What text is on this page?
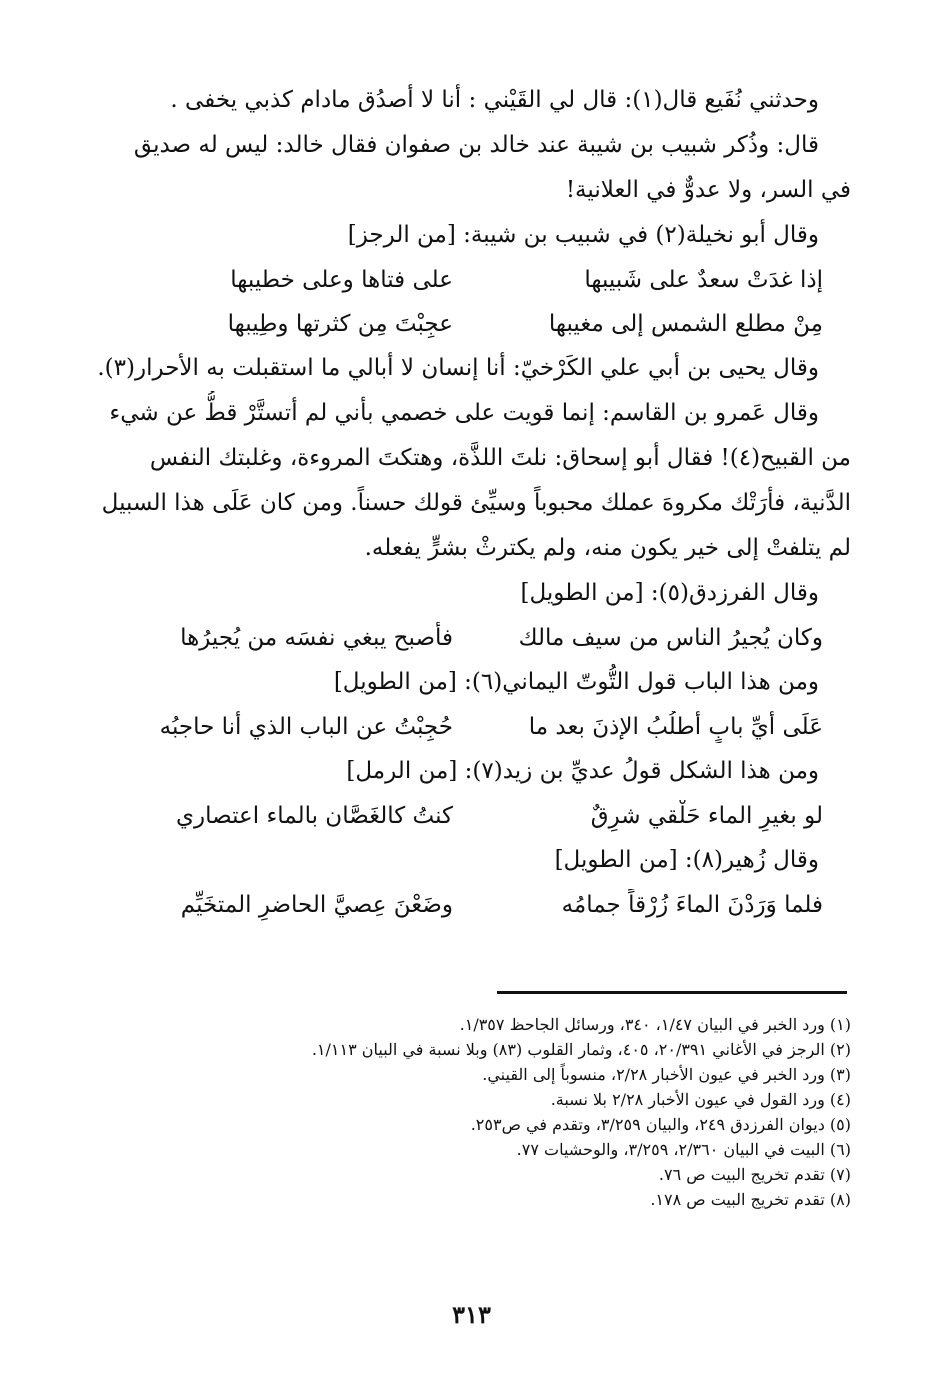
وحدثني نُفَيع قال(١): قال لي القَيْني : أنا لا أصدُق مادام كذبي يخفى .
قال: وذُكر شبيب بن شيبة عند خالد بن صفوان فقال خالد: ليس له صديق
في السر، ولا عدوٌّ في العلانية!
وقال أبو نخيلة(٢) في شبيب بن شيبة: [من الرجز]
إذا غدَتْ سعدٌ على شَبيبها
على فتاها وعلى خطيبها
مِنْ مطلع الشمس إلى مغيبها
عجِبْتَ مِن كثرتها وطِيبها
وقال يحيى بن أبي علي الكَرْخيّ: أنا إنسان لا أبالي ما استقبلت به الأحرار(٣).
وقال عَمرو بن القاسم: إنما قويت على خصمي بأني لم أتستَّرْ قطُّ عن شيء
من القبيح(٤)! فقال أبو إسحاق: نلتَ اللذَّة، وهتكتَ المروءة، وغلبتك النفس
الدَّنية، فأرَتْك مكروهَ عملك محبوباً وسيِّئ قولك حسناً. ومن كان عَلَى هذا السبيل
لم يتلفتْ إلى خير يكون منه، ولم يكترثْ بشرٍّ يفعله.
وقال الفرزدق(٥): [من الطويل]
وكان يُجيرُ الناس من سيف مالك
فأصبح يبغي نفسَه من يُجيرُها
ومن هذا الباب قول التُّوتّ اليماني(٦): [من الطويل]
عَلَى أيِّ بابٍ أطلُبُ الإذنَ بعد ما
حُجِبْتُ عن الباب الذي أنا حاجبُه
ومن هذا الشكل قولُ عديِّ بن زيد(٧): [من الرمل]
لو بغيرِ الماء حَلْقي شرِقٌ
كنتُ كالغَصَّان بالماء اعتصاري
وقال زُهير(٨): [من الطويل]
فلما وَرَدْنَ الماءَ زُرْقاً جمامُه
وضَعْنَ عِصيَّ الحاضرِ المتخَيِّم
(١) ورد الخبر في البيان ١/٤٧، ٣٤٠، ورسائل الجاحظ ١/٣٥٧.
(٢) الرجز في الأغاني ٢٠/٣٩١، ٤٠٥، وثمار القلوب (٨٣) وبلا نسبة في البيان ١/١١٣.
(٣) ورد الخبر في عيون الأخبار ٢/٢٨، منسوباً إلى القيني.
(٤) ورد القول في عيون الأخبار ٢/٢٨ بلا نسبة.
(٥) ديوان الفرزدق ٢٤٩، والبيان ٣/٢٥٩، وتقدم في ص٢٥٣.
(٦) البيت في البيان ٢/٣٦٠، ٣/٢٥٩، والوحشيات ٧٧.
(٧) تقدم تخريج البيت ص ٧٦.
(٨) تقدم تخريج البيت ص ١٧٨.
٣١٣
